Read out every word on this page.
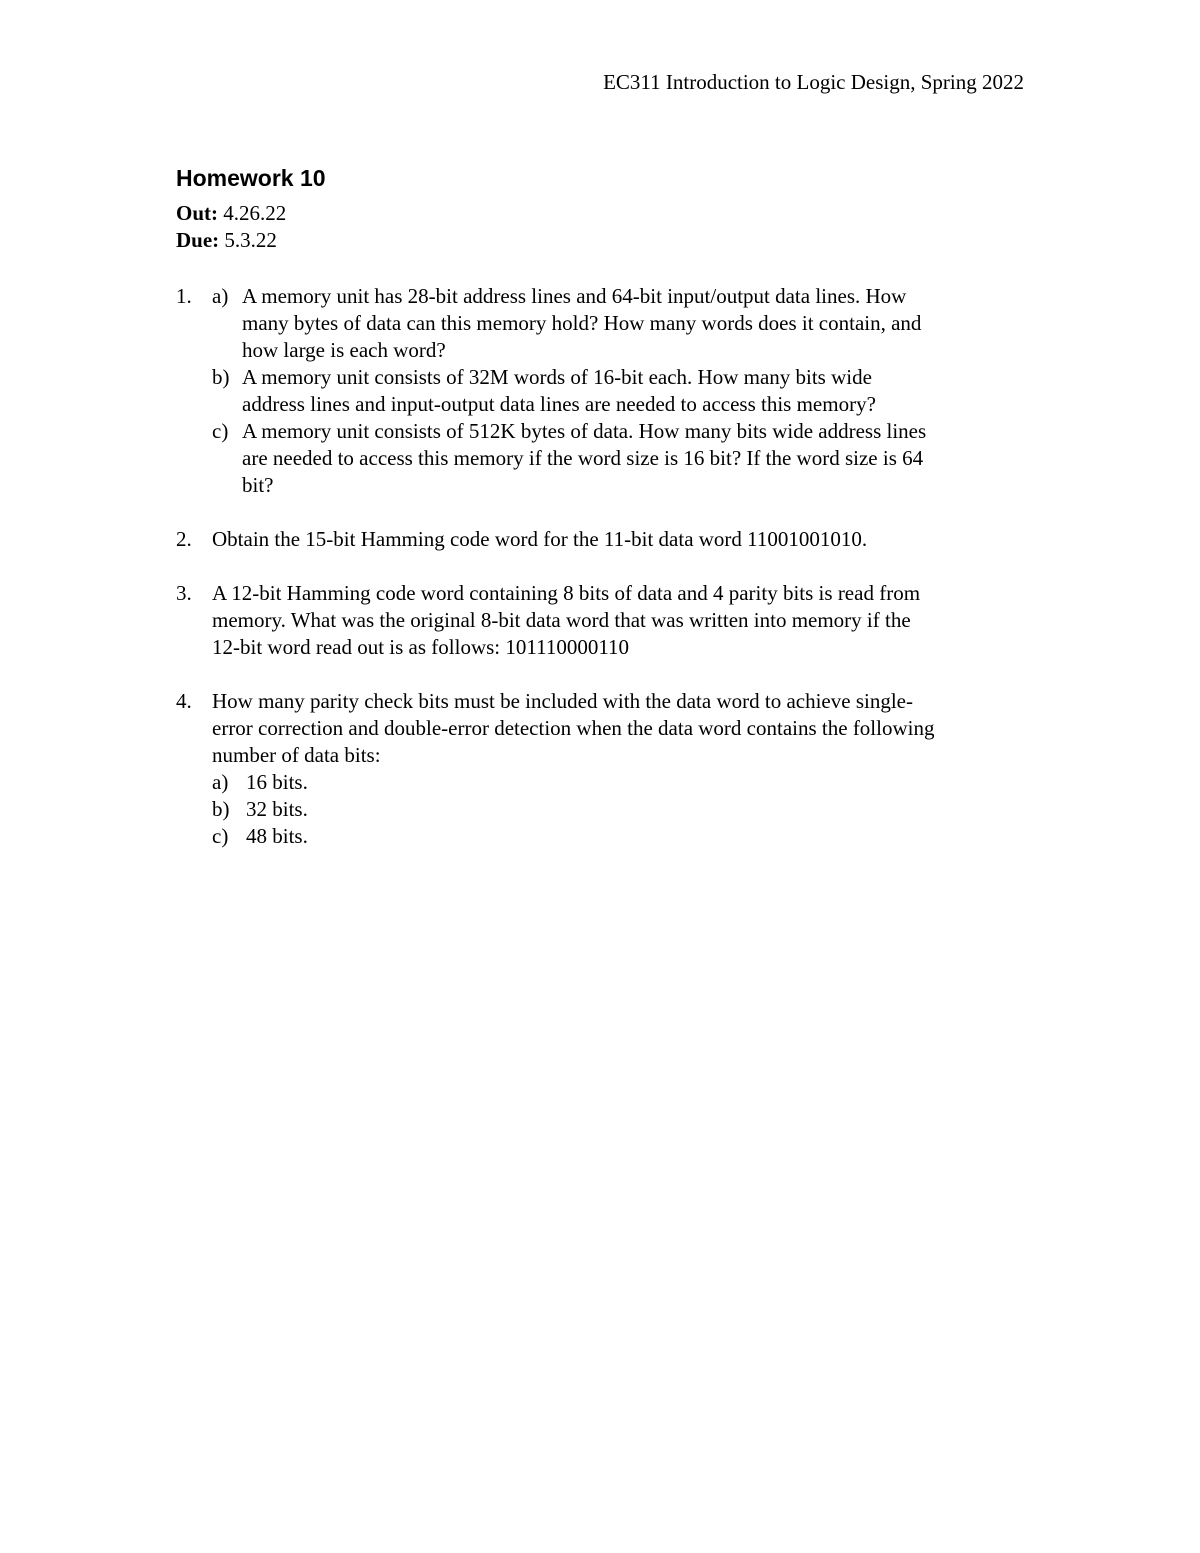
EC311 Introduction to Logic Design, Spring 2022
Homework 10
Out: 4.26.22
Due: 5.3.22
1. a) A memory unit has 28-bit address lines and 64-bit input/output data lines. How
many bytes of data can this memory hold? How many words does it contain, and
how large is each word?
b) A memory unit consists of 32M words of 16-bit each. How many bits wide
address lines and input-output data lines are needed to access this memory?
c) A memory unit consists of 512K bytes of data. How many bits wide address lines
are needed to access this memory if the word size is 16 bit? If the word size is 64
bit?
2. Obtain the 15-bit Hamming code word for the 11-bit data word 11001001010.
3. A 12-bit Hamming code word containing 8 bits of data and 4 parity bits is read from
memory. What was the original 8-bit data word that was written into memory if the
12-bit word read out is as follows: 101110000110
4. How many parity check bits must be included with the data word to achieve single-
error correction and double-error detection when the data word contains the following
number of data bits:
a) 16 bits.
b) 32 bits.
c) 48 bits.
